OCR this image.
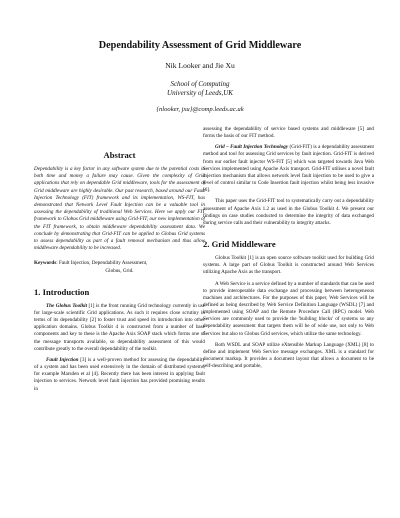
Dependability Assessment of Grid Middleware
Nik Looker and Jie Xu
School of Computing
University of Leeds,UK
{nlooker, jxu}@comp.leeds.ac.uk
Abstract

Dependability is a key factor in any software system due to the potential costs in both time and money a failure may cause. Given the complexity of Grid applications that rely on dependable Grid middleware, tools for the assessment of Grid middleware are highly desirable. Our past research, based around our Fault Injection Technology (FIT) framework and its implementation, WS-FIT, has demonstrated that Network Level Fault Injection can be a valuable tool in assessing the dependability of traditional Web Services. Here we apply our FIT framework to Globus Grid middleware using Grid-FIT, our new implementation of the FIT framework, to obtain middleware dependability assessment data. We conclude by demonstrating that Grid-FIT can be applied to Globus Grid systems to assess dependability as part of a fault removal mechanism and thus allow middleware dependability to be increased.

Keywords: Fault Injection, Dependability Assessment,
Globus, Grid.

1. Introduction

The Globus Toolkit [1] is the front running Grid technology currently in use for large-scale scientific Grid applications. As such it requires close scrutiny in terms of its dependability [2] to foster trust and speed its introduction into other application domains. Globus Toolkit 4 is constructed from a number of base components and key to these is the Apache Axis SOAP stack which forms one of the message transports available, so dependability assessment of this would contribute greatly to the overall dependability of the toolkit.

Fault Injection [3] is a well-proven method for assessing the dependability of a system and has been used extensively in the domain of distributed systems, for example Marsden et al [4]. Recently there has been interest in applying fault injection to services. Network level fault injection has provided promising results in

assessing the dependability of service based systems and middleware [5] and forms the basis of our FIT method.

Grid – Fault Injection Technology (Grid-FIT) is a dependability assessment method and tool for assessing Grid services by fault injection. Grid-FIT is derived from our earlier fault injector WS-FIT [5] which was targeted towards Java Web Services implemented using Apache Axis transport. Grid-FIT utilises a novel fault injection mechanism that allows network level fault injection to be used to give a level of control similar to Code Insertion fault injection whilst being less invasive [6].

This paper uses the Grid-FIT tool to systematically carry out a dependability assessment of Apache Axis 1.2 as used in the Globus Toolkit 4. We present our findings on case studies conducted to determine the integrity of data exchanged during service calls and their vulnerability to integrity attacks.

2. Grid Middleware

Globus Toolkit [1] is an open source software toolkit used for building Grid systems. A large part of Globus Toolkit is constructed around Web Services utilizing Apache Axis as the transport.

A Web Service is a service defined by a number of standards that can be used to provide interoperable data exchange and processing between heterogeneous machines and architectures. For the purposes of this paper, Web Services will be defined as being described by Web Service Definition Language (WSDL) [7] and implemented using SOAP and the Remote Procedure Call (RPC) model. Web Services are commonly used to provide the 'building blocks' of systems so any dependability assessment that targets them will be of wide use, not only to Web Services but also to Globus Grid services, which utilize the same technology.

Both WSDL and SOAP utilize eXtensible Markup Language (XML) [8] to define and implement Web Service message exchanges. XML is a standard for document markup. It provides a document layout that allows a document to be self-describing and portable,
